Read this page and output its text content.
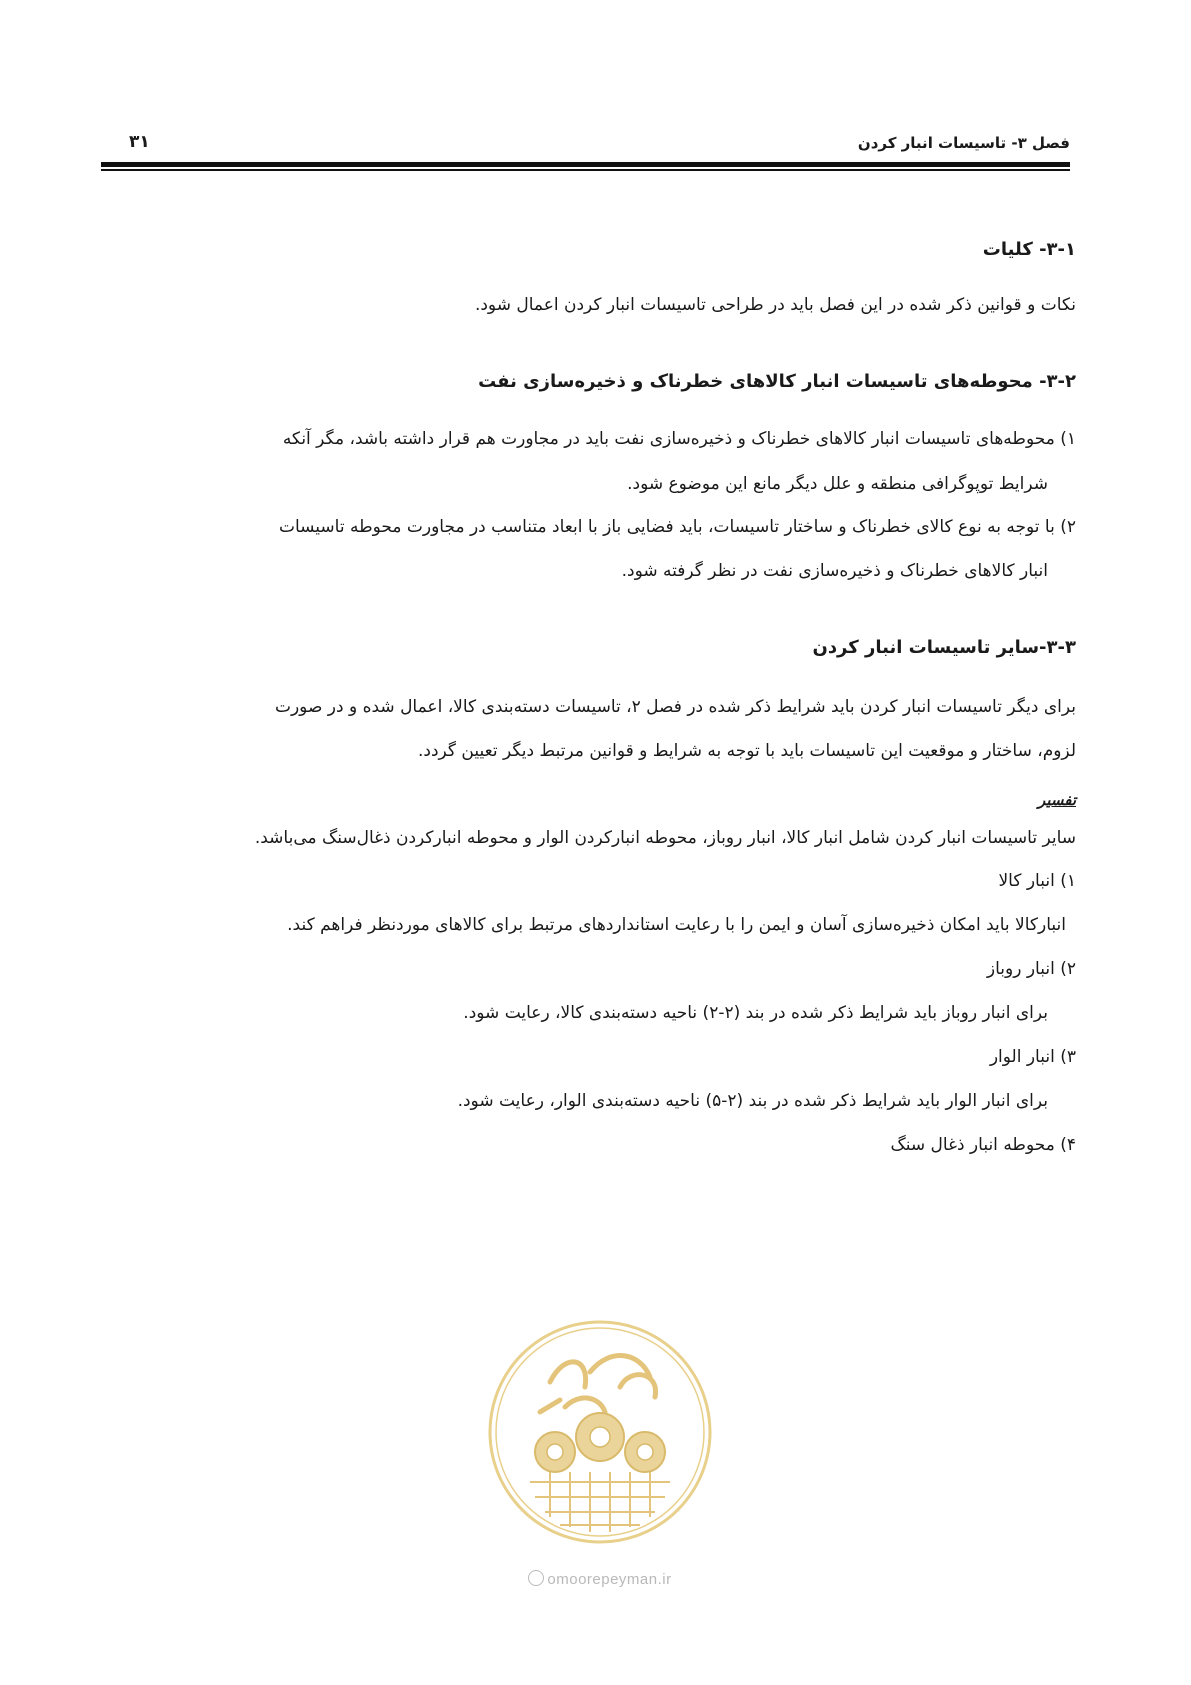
فصل ۳- تاسیسات انبار کردن
۳۱
۳-۱- کلیات
نکات و قوانین ذکر شده در این فصل باید در طراحی تاسیسات انبار کردن اعمال شود.
۳-۲- محوطه‌های تاسیسات انبار کالاهای خطرناک و ذخیره‌سازی نفت
۱) محوطه‌های تاسیسات انبار کالاهای خطرناک و ذخیره‌سازی نفت باید در مجاورت هم قرار داشته باشد، مگر آنکه
شرایط توپوگرافی منطقه و علل دیگر مانع این موضوع شود.
۲) با توجه به نوع کالای خطرناک و ساختار تاسیسات، باید فضایی باز با ابعاد متناسب در مجاورت محوطه تاسیسات
انبار کالاهای خطرناک و ذخیره‌سازی نفت در نظر گرفته شود.
۳-۳-سایر تاسیسات انبار کردن
برای دیگر تاسیسات انبار کردن باید شرایط ذکر شده در فصل ۲، تاسیسات دسته‌بندی کالا، اعمال شده و در صورت
لزوم، ساختار و موقعیت این تاسیسات باید با توجه به شرایط و قوانین مرتبط دیگر تعیین گردد.
تفسیر
سایر تاسیسات انبار کردن شامل انبار کالا، انبار روباز، محوطه انبارکردن الوار و محوطه انبارکردن ذغال‌سنگ می‌باشد.
۱) انبار کالا
انبارکالا باید امکان ذخیره‌سازی آسان و ایمن را با رعایت استانداردهای مرتبط برای کالاهای موردنظر فراهم کند.
۲) انبار روباز
برای انبار روباز باید شرایط ذکر شده در بند (۲-۲) ناحیه دسته‌بندی کالا، رعایت شود.
۳) انبار الوار
برای انبار الوار باید شرایط ذکر شده در بند (۲-۵) ناحیه دسته‌بندی الوار، رعایت شود.
۴) محوطه انبار ذغال سنگ
omoorepeyman.ir
